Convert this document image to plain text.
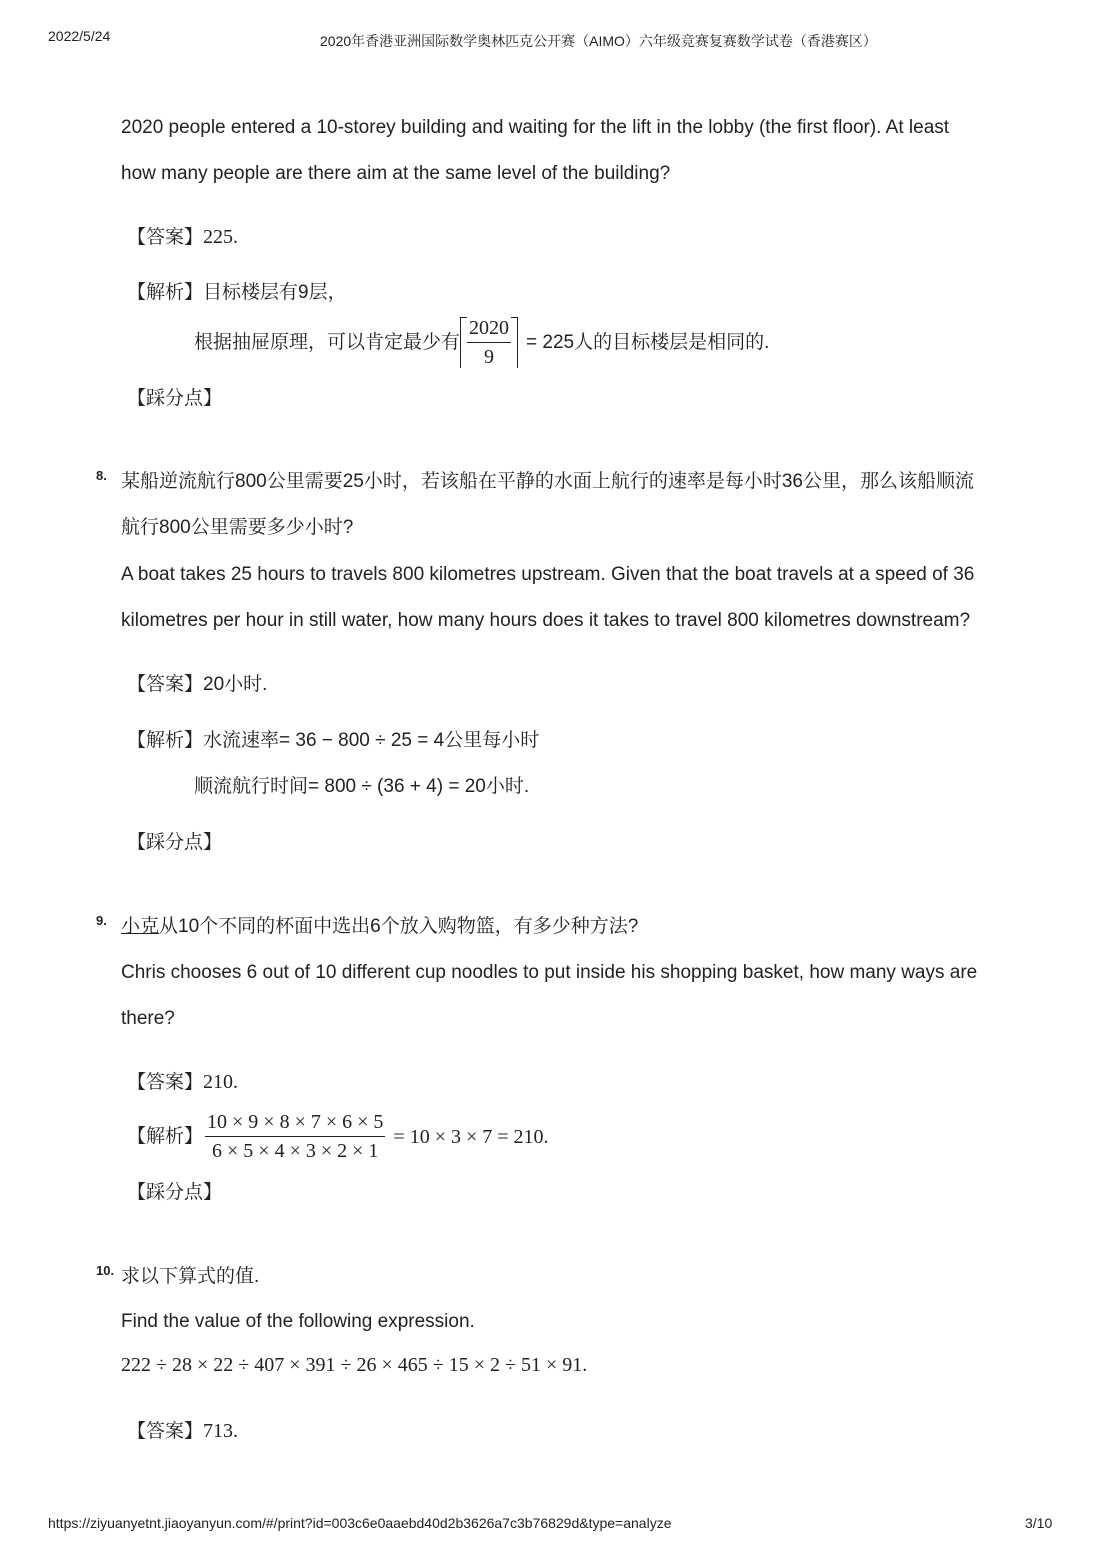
2022/5/24	2020年香港亚洲国际数学奥林匹克公开赛（AIMO）六年级竞赛复赛数学试卷（香港赛区）
2020 people entered a 10-storey building and waiting for the lift in the lobby (the first floor). At least
how many people are there aim at the same level of the building?
【答案】225.
【解析】目标楼层有9层，
根据抽屉原理，可以肯定最少有 $\frac{2020}{9} = 225$人的目标楼层是相同的.
【踩分点】
8. 某船逆流航行800公里需要25小时，若该船在平静的水面上航行的速率是每小时36公里，那么该船顺流
航行800公里需要多少小时?
A boat takes 25 hours to travels 800 kilometres upstream. Given that the boat travels at a speed of 36
kilometres per hour in still water, how many hours does it takes to travel 800 kilometres downstream?
【答案】20小时.
【解析】水流速率= 36 − 800 ÷ 25 = 4公里每小时
顺流航行时间= 800 ÷ (36 + 4) = 20小时.
【踩分点】
9. 小克从10个不同的杯面中选出6个放入购物篮，有多少种方法?
Chris chooses 6 out of 10 different cup noodles to put inside his shopping basket, how many ways are
there?
【答案】210.
【解析】 $\frac{10 \times 9 \times 8 \times 7 \times 6 \times 5}{6 \times 5 \times 4 \times 3 \times 2 \times 1} = 10 \times 3 \times 7 = 210$.
【踩分点】
10. 求以下算式的值.
Find the value of the following expression.
222 ÷ 28 × 22 ÷ 407 × 391 ÷ 26 × 465 ÷ 15 × 2 ÷ 51 × 91.
【答案】713.
https://ziyuanyetnt.jiaoyanyun.com/#/print?id=003c6e0aaebd40d2b3626a7c3b76829d&type=analyze	3/10
